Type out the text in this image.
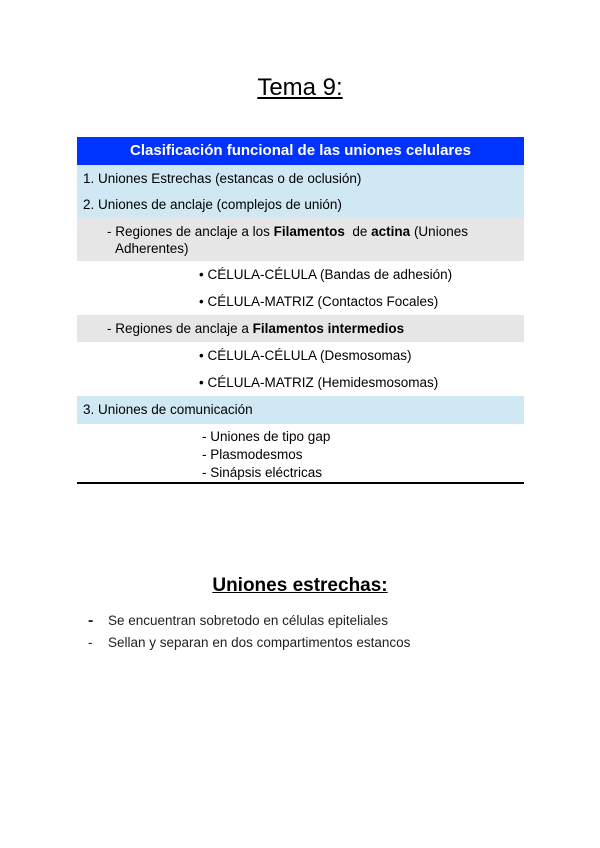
Tema 9:
Clasificación funcional de las uniones celulares
1. Uniones Estrechas (estancas o de oclusión)
2. Uniones de anclaje (complejos de unión)
- Regiones de anclaje a los Filamentos  de actina (Uniones
Adherentes)
• CÉLULA-CÉLULA (Bandas de adhesión)
• CÉLULA-MATRIZ (Contactos Focales)
- Regiones de anclaje a Filamentos intermedios
• CÉLULA-CÉLULA (Desmosomas)
• CÉLULA-MATRIZ (Hemidesmosomas)
3. Uniones de comunicación
- Uniones de tipo gap
- Plasmodesmos
- Sinápsis eléctricas
Uniones estrechas:
- Se encuentran sobretodo en células epiteliales
- Sellan y separan en dos compartimentos estancos
